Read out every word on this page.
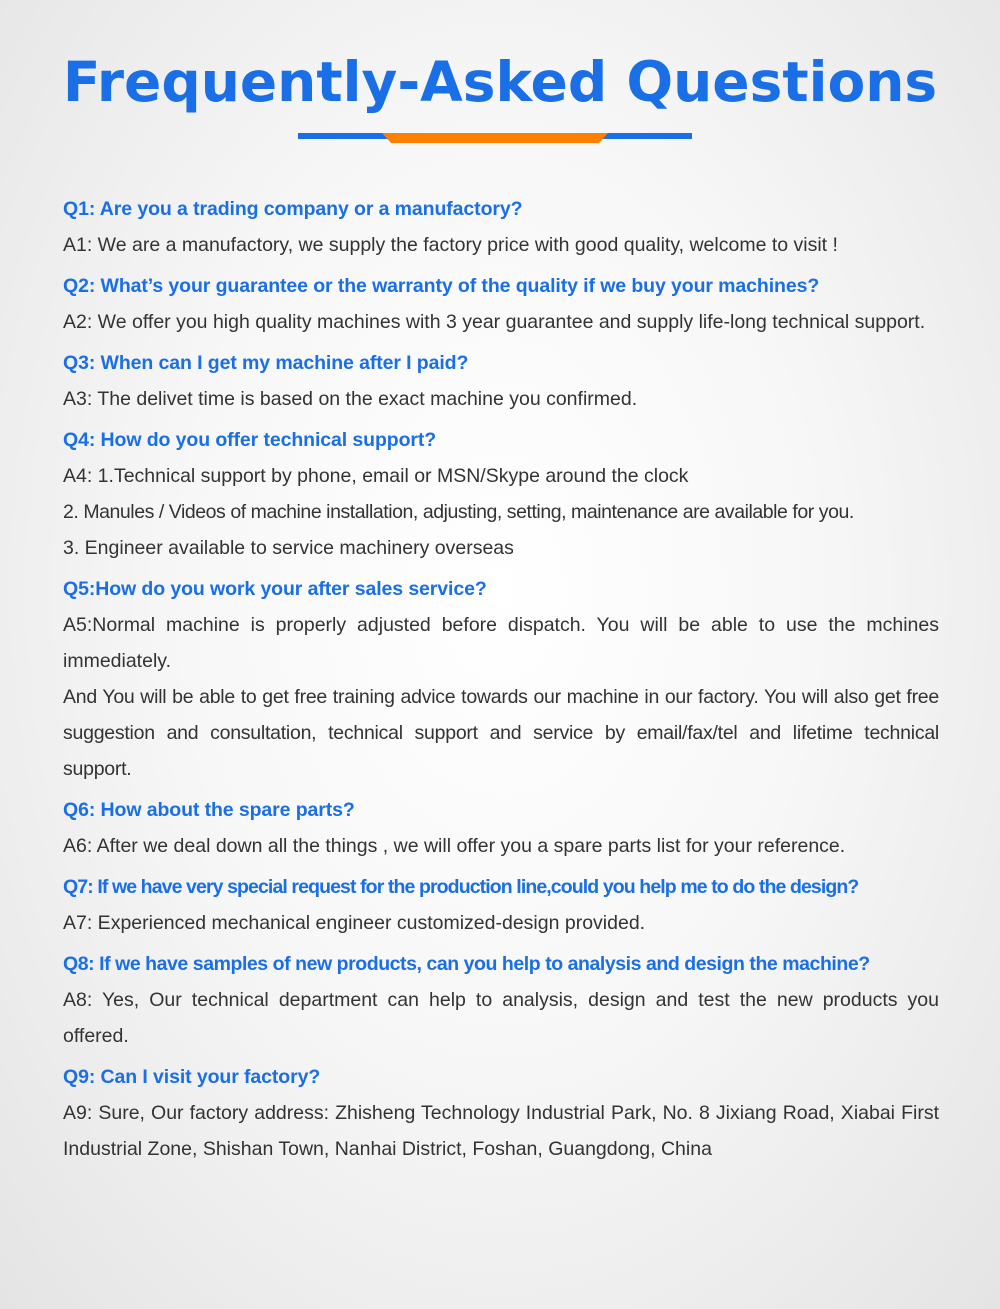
Frequently-Asked Questions

Q1: Are you a trading company or a manufactory?

A1: We are a manufactory, we supply the factory price with good quality, welcome to visit !

Q2: What’s your guarantee or the warranty of the quality if we buy your machines?

A2: We offer you high quality machines with 3 year guarantee and supply life-long technical support.

Q3: When can I get my machine after I paid?

A3: The delivet time is based on the exact machine you confirmed.

Q4: How do you offer technical support?

A4: 1.Technical support by phone, email or MSN/Skype around the clock

2. Manules / Videos of machine installation, adjusting, setting, maintenance are available for you.

3. Engineer available to service machinery overseas

Q5:How do you work your after sales service?

A5:Normal machine is properly adjusted before dispatch. You will be able to use the mchines immediately.

And You will be able to get free training advice towards our machine in our factory. You will also get free suggestion and consultation, technical support and service by email/fax/tel and lifetime technical support.

Q6: How about the spare parts?

A6: After we deal down all the things , we will offer you a spare parts list for your reference.

Q7: If we have very special request for the production line,could you help me to do the design?

A7: Experienced mechanical engineer customized-design provided.

Q8: If we have samples of new products, can you help to analysis and design the machine?

A8: Yes, Our technical department can help to analysis, design and test the new products you offered.

Q9: Can I visit your factory?

A9: Sure, Our factory address: Zhisheng Technology Industrial Park, No. 8 Jixiang Road, Xiabai First Industrial Zone, Shishan Town, Nanhai District, Foshan, Guangdong, China
